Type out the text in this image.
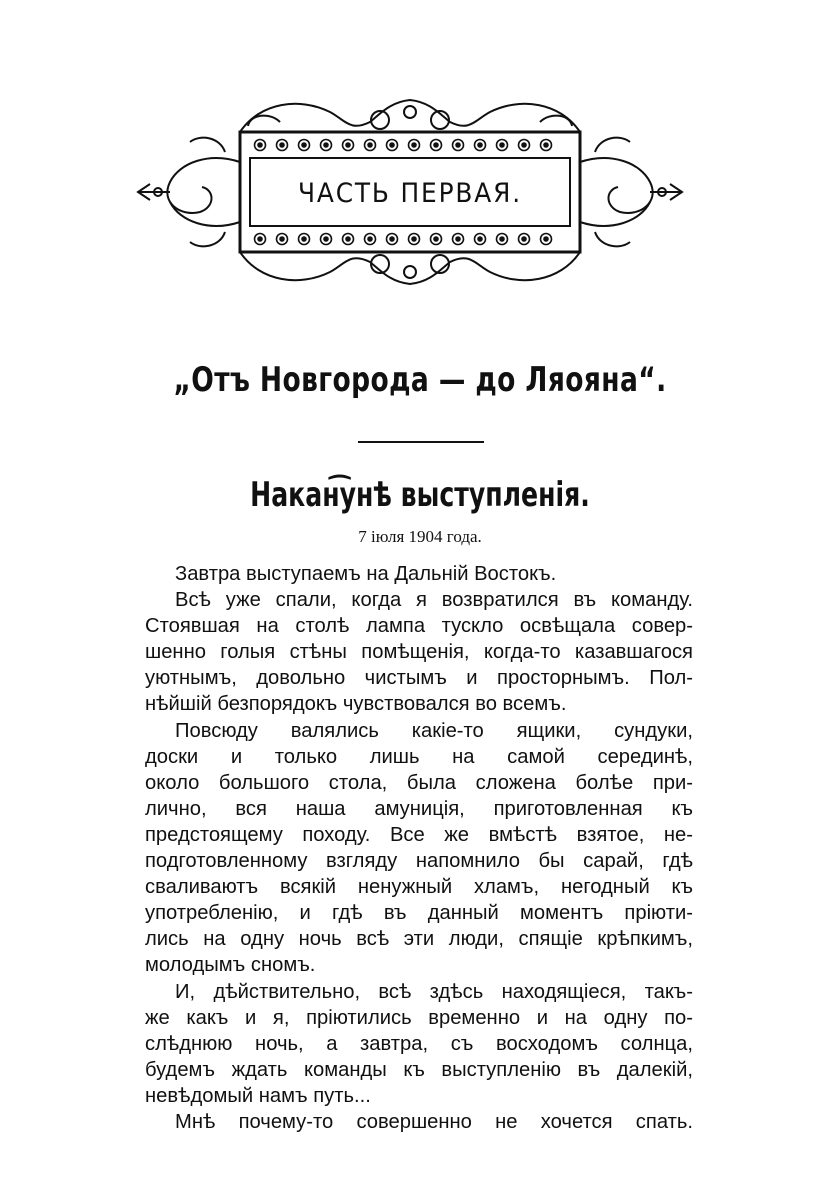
ЧАСТЬ ПЕРВАЯ.
„Отъ Новгорода — до Ляояна“.
Накан͡унѣ выступленія.
7 іюля 1904 года.
Завтра выступаемъ на Дальній Востокъ.
Всѣ уже спали, когда я возвратился въ команду.
Стоявшая на столѣ лампа тускло освѣщала совер-
шенно голыя стѣны помѣщенія, когда-то казавшагося
уютнымъ, довольно чистымъ и просторнымъ. Пол-
нѣйшій безпорядокъ чувствовался во всемъ.
Повсюду валялись какіе-то ящики, сундуки,
доски и только лишь на самой серединѣ,
около большого стола, была сложена болѣе при-
лично, вся наша амуниція, приготовленная къ
предстоящему походу. Все же вмѣстѣ взятое, не-
подготовленному взгляду напомнило бы сарай, гдѣ
сваливаютъ всякій ненужный хламъ, негодный къ
употребленію, и гдѣ въ данный моментъ пріюти-
лись на одну ночь всѣ эти люди, спящіе крѣпкимъ,
молодымъ сномъ.
И, дѣйствительно, всѣ здѣсь находящіеся, такъ-
же какъ и я, пріютились временно и на одну по-
слѣднюю ночь, а завтра, съ восходомъ солнца,
будемъ ждать команды къ выступленію въ далекій,
невѣдомый намъ путь...
Мнѣ почему-то совершенно не хочется спать.
